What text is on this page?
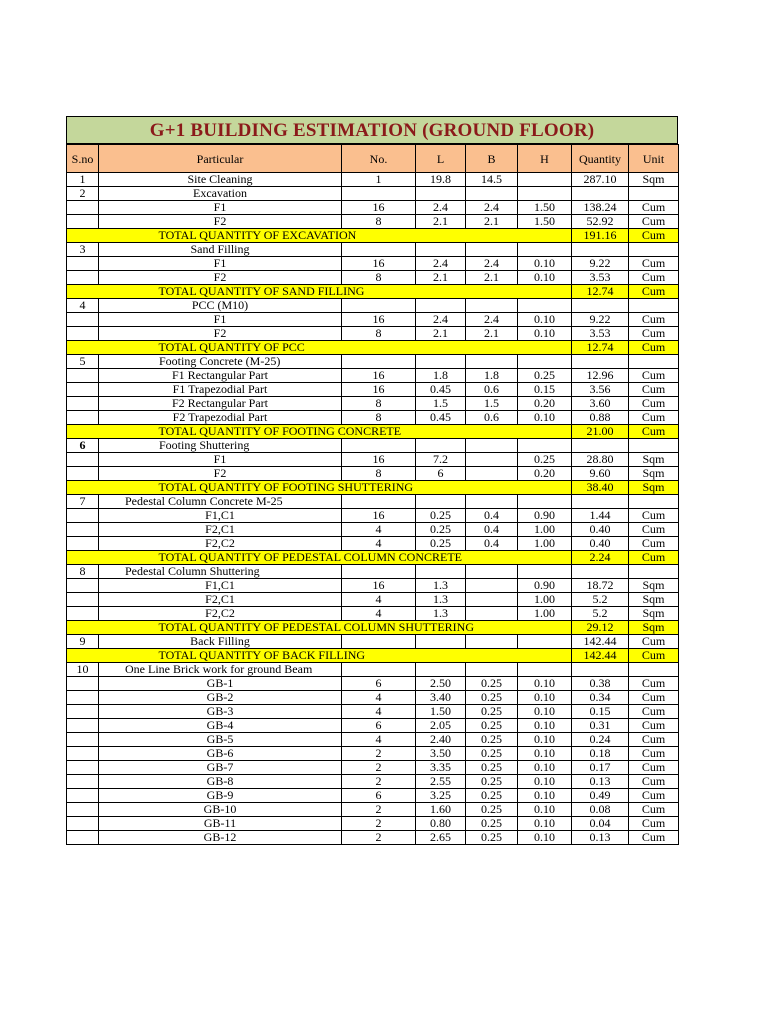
G+1 BUILDING ESTIMATION (GROUND FLOOR)
S.no	Particular	No.	L	B	H	Quantity	Unit
1	Site Cleaning	1	19.8	14.5		287.10	Sqm
2	Excavation						
	F1	16	2.4	2.4	1.50	138.24	Cum
	F2	8	2.1	2.1	1.50	52.92	Cum
	TOTAL QUANTITY OF EXCAVATION					191.16	Cum
3	Sand Filling						
	F1	16	2.4	2.4	0.10	9.22	Cum
	F2	8	2.1	2.1	0.10	3.53	Cum
	TOTAL QUANTITY OF SAND FILLING					12.74	Cum
4	PCC (M10)						
	F1	16	2.4	2.4	0.10	9.22	Cum
	F2	8	2.1	2.1	0.10	3.53	Cum
	TOTAL QUANTITY OF PCC					12.74	Cum
5	Footing Concrete (M-25)						
	F1 Rectangular Part	16	1.8	1.8	0.25	12.96	Cum
	F1 Trapezodial Part	16	0.45	0.6	0.15	3.56	Cum
	F2 Rectangular Part	8	1.5	1.5	0.20	3.60	Cum
	F2 Trapezodial Part	8	0.45	0.6	0.10	0.88	Cum
	TOTAL QUANTITY OF FOOTING CONCRETE					21.00	Cum
6	Footing Shuttering						
	F1	16	7.2		0.25	28.80	Sqm
	F2	8	6		0.20	9.60	Sqm
	TOTAL QUANTITY OF FOOTING SHUTTERING					38.40	Sqm
7	Pedestal Column Concrete M-25						
	F1,C1	16	0.25	0.4	0.90	1.44	Cum
	F2,C1	4	0.25	0.4	1.00	0.40	Cum
	F2,C2	4	0.25	0.4	1.00	0.40	Cum
	TOTAL QUANTITY OF PEDESTAL COLUMN CONCRETE					2.24	Cum
8	Pedestal Column Shuttering						
	F1,C1	16	1.3		0.90	18.72	Sqm
	F2,C1	4	1.3		1.00	5.2	Sqm
	F2,C2	4	1.3		1.00	5.2	Sqm
	TOTAL QUANTITY OF PEDESTAL COLUMN SHUTTERING					29.12	Sqm
9	Back Filling					142.44	Cum
	TOTAL QUANTITY OF BACK FILLING					142.44	Cum
10	One Line Brick work for ground Beam						
	GB-1	6	2.50	0.25	0.10	0.38	Cum
	GB-2	4	3.40	0.25	0.10	0.34	Cum
	GB-3	4	1.50	0.25	0.10	0.15	Cum
	GB-4	6	2.05	0.25	0.10	0.31	Cum
	GB-5	4	2.40	0.25	0.10	0.24	Cum
	GB-6	2	3.50	0.25	0.10	0.18	Cum
	GB-7	2	3.35	0.25	0.10	0.17	Cum
	GB-8	2	2.55	0.25	0.10	0.13	Cum
	GB-9	6	3.25	0.25	0.10	0.49	Cum
	GB-10	2	1.60	0.25	0.10	0.08	Cum
	GB-11	2	0.80	0.25	0.10	0.04	Cum
	GB-12	2	2.65	0.25	0.10	0.13	Cum
